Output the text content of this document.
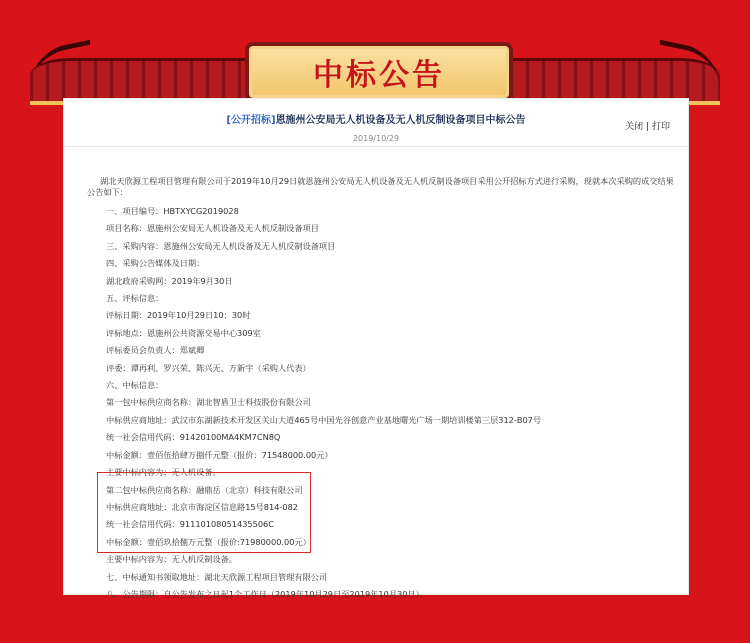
中标公告
[公开招标]恩施州公安局无人机设备及无人机反制设备项目中标公告
关闭 | 打印
2019/10/29

湖北天欣源工程项目管理有限公司于2019年10月29日就恩施州公安局无人机设备及无人机反制设备项目采用公开招标方式进行采购，现就本次采购的成交结果公告如下：

一、项目编号：HBTXYCG2019028

项目名称：恩施州公安局无人机设备及无人机反制设备项目

三、采购内容：恩施州公安局无人机设备及无人机反制设备项目

四、采购公告媒体及日期：

湖北政府采购网：2019年9月30日

五、评标信息：

评标日期：2019年10月29日10：30时

评标地点：恩施州公共资源交易中心309室

评标委员会负责人：郑斌卿

评委：谭再利、罗兴荣、陈兴无、万新宇（采购人代表）

六、中标信息：

第一包中标供应商名称：湖北智盾卫士科技股份有限公司

中标供应商地址：武汉市东湖新技术开发区关山大道465号中国光谷创意产业基地曙光广场一期培训楼第三层312-B07号

统一社会信用代码：91420100MA4KM7CN8Q

中标金额：壹佰伍拾肆万捌仟元整（报价：71548000.00元）

主要中标内容为：无人机设备。

第二包中标供应商名称：融鼎岳（北京）科技有限公司

中标供应商地址：北京市海淀区信息路15号814-082

统一社会信用代码：91110108051435506C

中标金额：壹佰玖拾捌万元整（报价:71980000.00元）

主要中标内容为：无人机反制设备。

七、中标通知书领取地址：湖北天欣源工程项目管理有限公司

八、公告期限：自公告发布之日起1个工作日（2019年10月29日至2019年10月30日）。
